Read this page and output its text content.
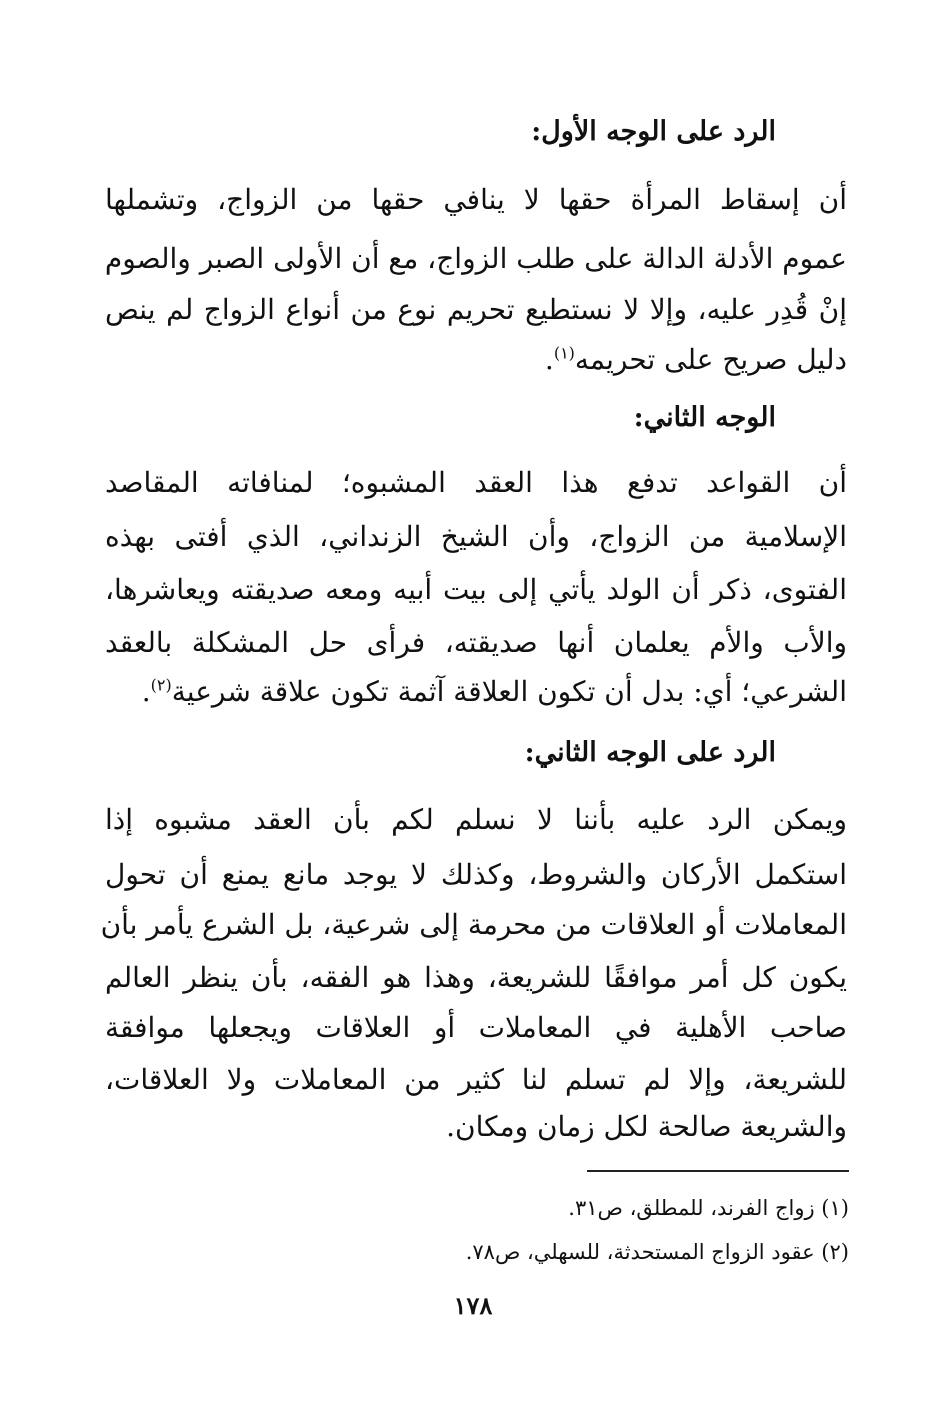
الرد على الوجه الأول:
أن إسقاط المرأة حقها لا ينافي حقها من الزواج، وتشملها
عموم الأدلة الدالة على طلب الزواج، مع أن الأولى الصبر والصوم
إنْ قُدِر عليه، وإلا لا نستطيع تحريم نوع من أنواع الزواج لم ينص
دليل صريح على تحريمه$^{(١)}$.
الوجه الثاني:
أن القواعد تدفع هذا العقد المشبوه؛ لمنافاته المقاصد
الإسلامية من الزواج، وأن الشيخ الزنداني، الذي أفتى بهذه
الفتوى، ذكر أن الولد يأتي إلى بيت أبيه ومعه صديقته ويعاشرها،
والأب والأم يعلمان أنها صديقته، فرأى حل المشكلة بالعقد
الشرعي؛ أي: بدل أن تكون العلاقة آثمة تكون علاقة شرعية$^{(٢)}$.
الرد على الوجه الثاني:
ويمكن الرد عليه بأننا لا نسلم لكم بأن العقد مشبوه إذا
استكمل الأركان والشروط، وكذلك لا يوجد مانع يمنع أن تحول
المعاملات أو العلاقات من محرمة إلى شرعية، بل الشرع يأمر بأن
يكون كل أمر موافقًا للشريعة، وهذا هو الفقه، بأن ينظر العالم
صاحب الأهلية في المعاملات أو العلاقات ويجعلها موافقة
للشريعة، وإلا لم تسلم لنا كثير من المعاملات ولا العلاقات،
والشريعة صالحة لكل زمان ومكان.
(١) زواج الفرند، للمطلق، ص٣١.
(٢) عقود الزواج المستحدثة، للسهلي، ص٧٨.
١٧٨
